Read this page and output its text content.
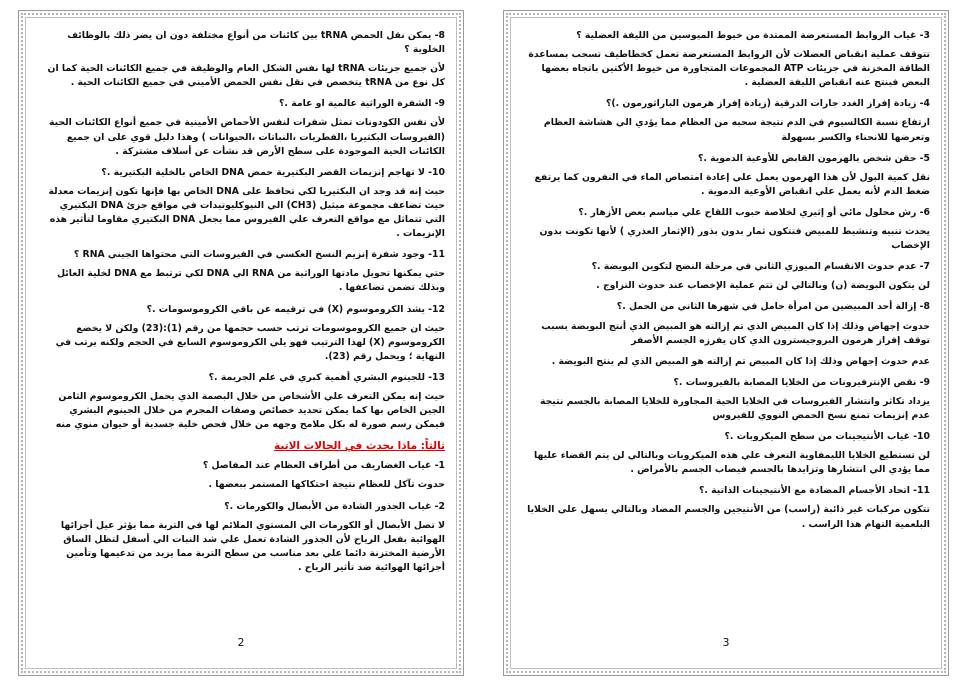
8- يمكن نقل الحمض tRNA بين كائنات من أنواع مختلفة دون ان يضر ذلك بالوظائف الخلوية ؟

لأن جميع جزيئات tRNA لها نفس الشكل العام والوظيفة في جميع الكائنات الحية كما ان كل نوع من tRNA يتخصص في نقل نفس الحمض الأميني في جميع الكائنات الحية .

9- الشفرة الوراثية عالمية او عامة .؟

لأن نفس الكودونات تمثل شفرات لنفس الأحماض الأمينية في جميع أنواع الكائنات الحية (الفيروسات البكتيريا ،الفطريات ،النباتات ،الحيوانات ) وهذا دليل قوي على ان جميع الكائنات الحية الموجودة على سطح الأرض قد نشأت عن أسلاف مشتركة .

10- لا تهاجم إنزيمات القصر البكتيرية حمض DNA الخاص بالخلية البكتيرية .؟

حيث إنه قد وجد ان البكتيريا لكي تحافظ على DNA الخاص بها فإنها تكون إنزيمات معدلة حيث تضاعف مجموعة ميثيل (CH3) الي النيوكليوتيدات في مواقع جزئ DNA البكتيري التي تتماثل مع مواقع التعرف علي الفيروس مما يجعل DNA البكتيري مقاوما لتأثير هذه الإنزيمات .

11- وجود شفرة إنزيم النسخ العكسي في الفيروسات التي محتواها الجيني RNA ؟

حتي يمكنها تحويل مادتها الوراثية من RNA الي DNA لكي ترتبط مع DNA لخلية العائل وبذلك تضمن تضاعفها .

12- يشذ الكروموسوم (X) في ترقيمه عن باقي الكروموسومات .؟

حيث ان جميع الكروموسومات ترتب حسب حجمها من رقم (1):(23) ولكن لا يخضع الكروموسوم (X) لهذا الترتيب فهو يلي الكروموسوم السابع في الحجم ولكنه يرتب في النهاية ؛ ويحمل رقم (23).

13- للجينوم البشري أهمية كبري في علم الجريمة .؟

حيث إنه يمكن التعرف علي الأشخاص من خلال البصمة الذي يحمل الكروموسوم الثامن الجين الخاص بها كما يمكن تحديد خصائص وصفات المجرم من خلال الجينوم البشري فيمكن رسم صورة له بكل ملامح وجهه من خلال فحص خلية جسدية أو حيوان منوي منه

ثالثاً: ماذا يحدث في الحالات الاتية

1- غياب الغضاريف من أطراف العظام عند المفاصل ؟

حدوث تآكل للعظام نتيجة احتكاكها المستمر ببعضها .

2- غياب الجذور الشادة من الأبصال والكورمات .؟

لا تصل الأبصال أو الكورمات الي المستوي الملائم لها في التربة مما يؤثر عيل أجزائها الهوائية بفعل الرياح لأن الجذور الشادة تعمل علي شد النبات الي أسفل لتظل الساق الأرضية المختزنة دائما علي بعد مناسب من سطح التربة مما يزيد من تدعيمها وتأمين أجزائها الهوائية ضد تأثير الرياح .

2

3- غياب الروابط المستعرضة الممتدة من خيوط الميوسين من الليفة العضلية ؟

تتوقف عملية انقباض العضلات لأن الروابط المستعرضة تعمل كخطاطيف تسحب بمساعدة الطاقة المخزنة في جزيئات ATP المجموعات المتجاورة من خيوط الأكتين باتجاه بعضها البعض فينتج عنه انقباض الليفة العضلية .

4- زيادة إفراز الغدد جارات الدرقية (زيادة إفراز هرمون الباراثورمون .)؟

ارتفاع نسبة الكالسيوم في الدم نتيجة سحبه من العظام مما يؤدي الي هشاشة العظام وتعرضها للانحناء والكسر بسهولة

5- حقن شخص بالهرمون القابض للأوعية الدموية .؟

نقل كمية البول لأن هذا الهرمون يعمل علي إعادة امتصاص الماء في النفرون كما يرتفع ضغط الدم لأنه يعمل علي انقباض الأوعية الدموية .

6- رش محلول مائي أو إثيري لخلاصة حبوب اللقاح علي مياسم بعض الأزهار .؟

يحدث تنبيه وتنشيط للمبيض فتتكون ثمار بدون بذور (الإثمار العذري ) لأنها تكونت بدون الإخصاب

7- عدم حدوث الانقسام الميوزي الثاني في مرحلة النضج لتكوين البويضة .؟

لن يتكون البويضة (ن) وبالتالي لن تتم عملية الإخصاب عند حدوث التزاوج .

8- إزالة أحد المبيضين من امرأة حامل في شهرها الثاني من الحمل .؟

حدوث إجهاض وذلك إذا كان المبيض الذي تم إزالته هو المبيض الذي أنتج البويضة بسبب توقف إفراز هرمون البروجيسترون الذي كان يفرزه الجسم الأصفر

عدم حدوث إجهاض وذلك إذا كان المبيض تم إزالته هو المبيض الذي لم ينتج البويضة .

9- نقص الإنترفيرونات من الخلايا المصابة بالفيروسات .؟

يزداد تكاثر وانتشار الفيروسات في الخلايا الحية المجاورة للخلايا المصابة بالجسم نتيجة عدم إنزيمات تمنع نسخ الحمض النووي للفيروس

10- غياب الأنتيجينات من سطح الميكروبات .؟

لن تستطيع الخلايا الليمفاوية التعرف علي هذه الميكروبات وبالتالي لن يتم القضاء عليها مما يؤدي الي انتشارها وتزايدها بالجسم فيصاب الجسم بالأمراض .

11- اتحاد الأجسام المضادة مع الأنتيجينات الذاتية .؟

تتكون مركبات غير ذائبة (راسب) من الأنتيجين والجسم المضاد وبالتالي يسهل علي الخلايا البلعمية التهام هذا الراسب .

3
